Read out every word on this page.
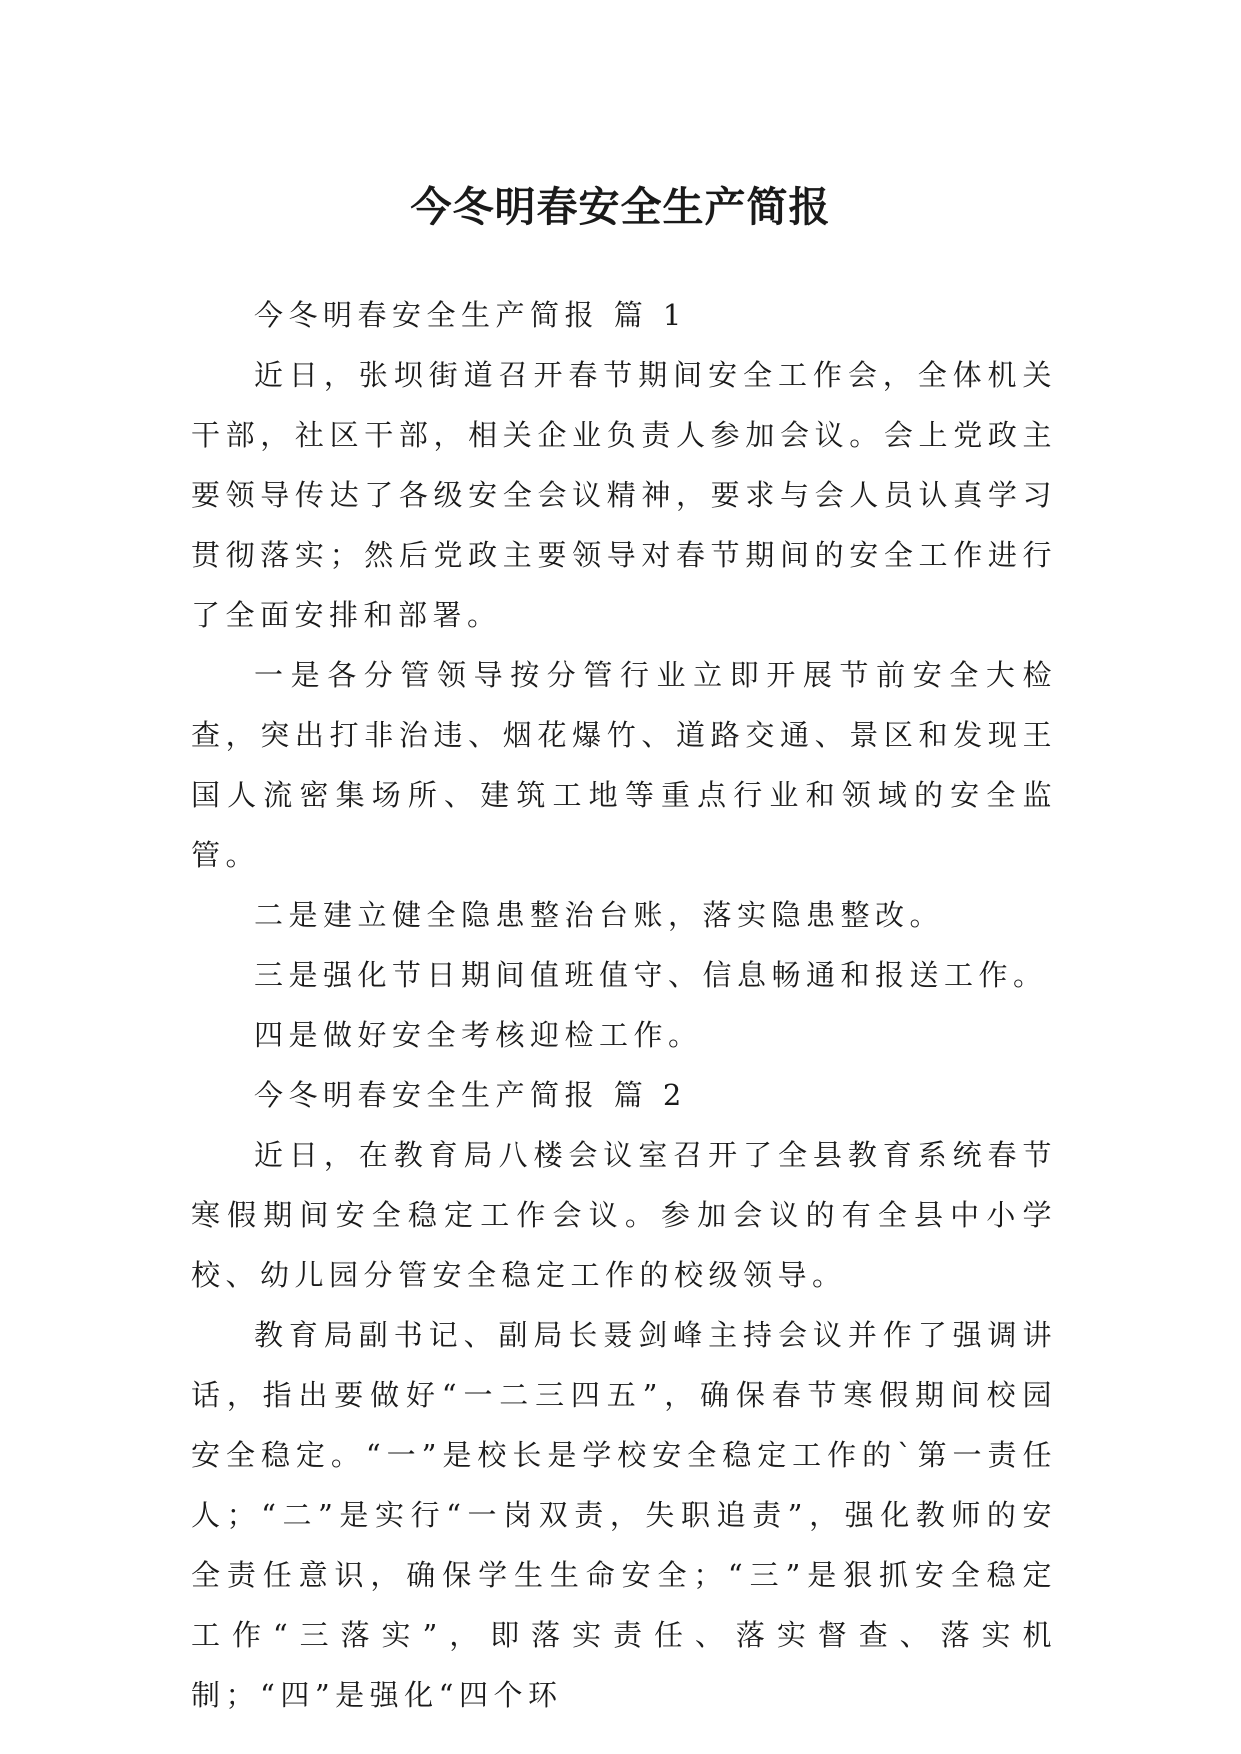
今冬明春安全生产简报

今冬明春安全生产简报 篇 1

近日，张坝街道召开春节期间安全工作会，全体机关干部，社区干部，相关企业负责人参加会议。会上党政主要领导传达了各级安全会议精神，要求与会人员认真学习贯彻落实；然后党政主要领导对春节期间的安全工作进行了全面安排和部署。

一是各分管领导按分管行业立即开展节前安全大检查，突出打非治违、烟花爆竹、道路交通、景区和发现王国人流密集场所、建筑工地等重点行业和领域的安全监管。

二是建立健全隐患整治台账，落实隐患整改。

三是强化节日期间值班值守、信息畅通和报送工作。

四是做好安全考核迎检工作。

今冬明春安全生产简报 篇 2

近日，在教育局八楼会议室召开了全县教育系统春节寒假期间安全稳定工作会议。参加会议的有全县中小学校、幼儿园分管安全稳定工作的校级领导。

教育局副书记、副局长聂剑峰主持会议并作了强调讲话，指出要做好“一二三四五”，确保春节寒假期间校园安全稳定。“一”是校长是学校安全稳定工作的`第一责任人；“二”是实行“一岗双责，失职追责”，强化教师的安全责任意识，确保学生生命安全；“三”是狠抓安全稳定工作“三落实”，即落实责任、落实督查、落实机制；“四”是强化“四个环
